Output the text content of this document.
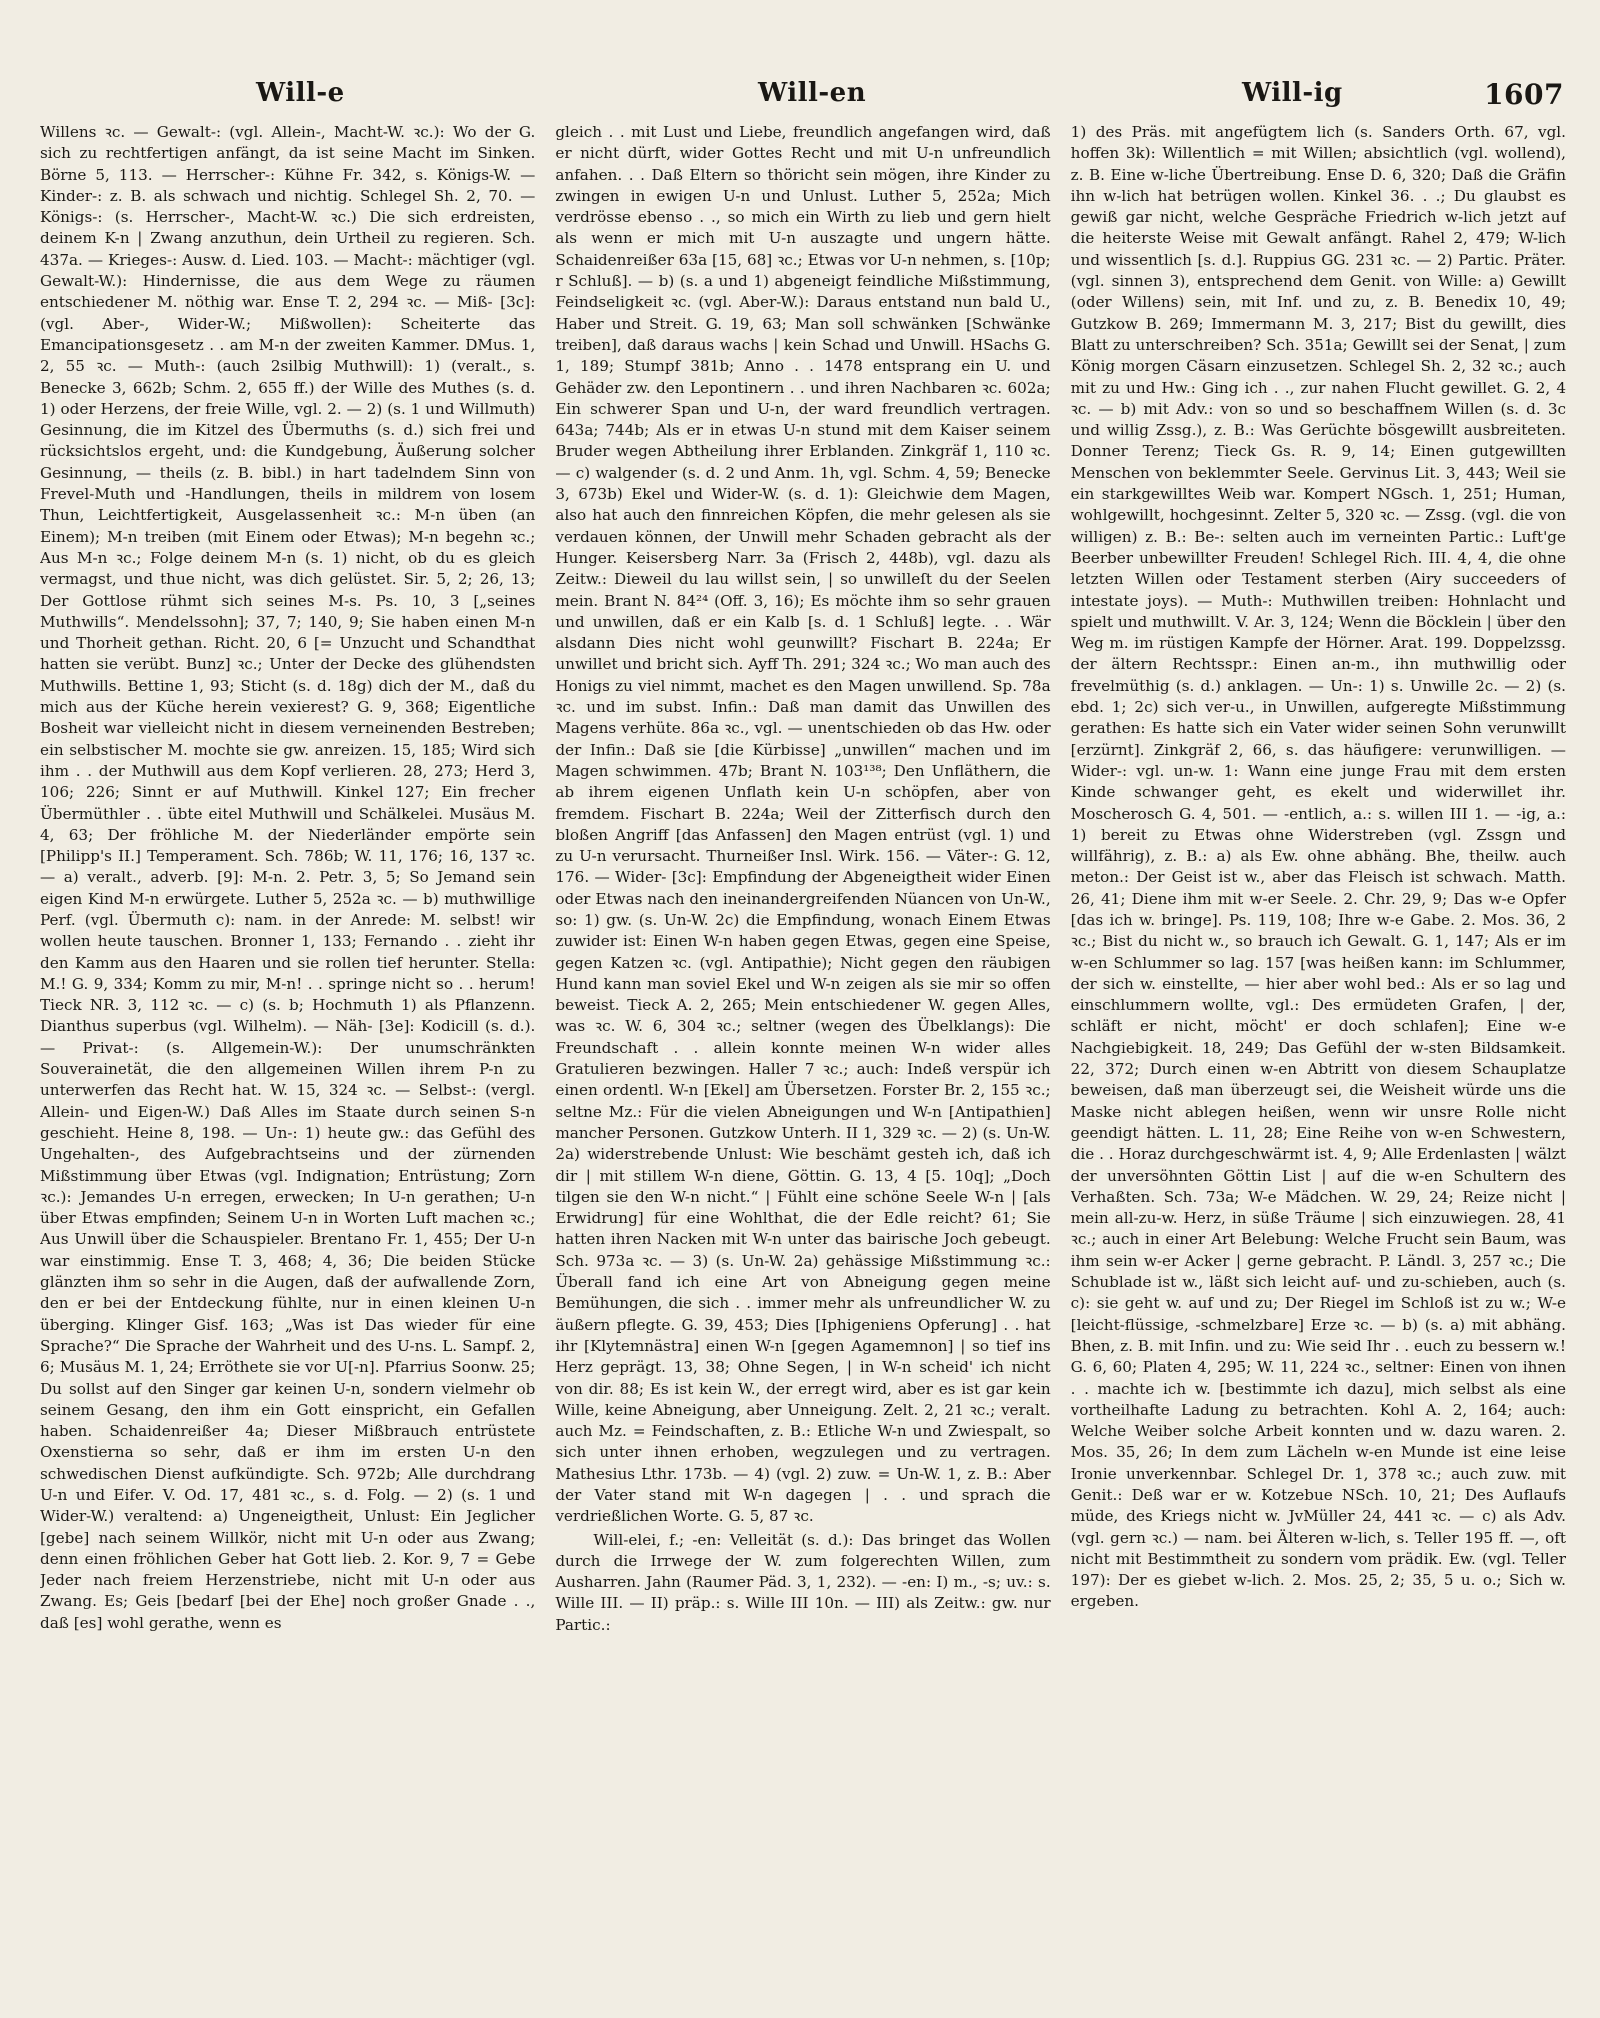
Will-e	Will-en	Will-ig	1607

Willens ꝛc. — Gewalt-: (vgl. Allein-, Macht-W. ꝛc.): Wo der G. sich zu rechtfertigen anfängt, da ist seine Macht im Sinken. Börne 5, 113. — Herrscher-: Kühne Fr. 342, s. Königs-W. — Kinder-: z. B. als schwach und nichtig. Schlegel Sh. 2, 70. — Königs-: (s. Herrscher-, Macht-W. ꝛc.) Die sich erdreisten, deinem K-n | Zwang anzuthun, dein Urtheil zu regieren. Sch. 437a. — Krieges-: Ausw. d. Lied. 103. — Macht-: mächtiger (vgl. Gewalt-W.): Hindernisse, die aus dem Wege zu räumen entschiedener M. nöthig war. Ense T. 2, 294 ꝛc. — Miß- [3c]: (vgl. Aber-, Wider-W.; Mißwollen): Scheiterte das Emancipationsgesetz . . am M-n der zweiten Kammer. DMus. 1, 2, 55 ꝛc. — Muth-: (auch 2silbig Muthwill): 1) (veralt., s. Benecke 3, 662b; Schm. 2, 655 ff.) der Wille des Muthes (s. d. 1) oder Herzens, der freie Wille, vgl. 2. — 2) (s. 1 und Willmuth) Gesinnung, die im Kitzel des Übermuths (s. d.) sich frei und rücksichtslos ergeht, und: die Kundgebung, Äußerung solcher Gesinnung, — theils (z. B. bibl.) in hart tadelndem Sinn von Frevel-Muth und -Handlungen, theils in mildrem von losem Thun, Leichtfertigkeit, Ausgelassenheit ꝛc.: M-n üben (an Einem); M-n treiben (mit Einem oder Etwas); M-n begehn ꝛc.; Aus M-n ꝛc.; Folge deinem M-n (s. 1) nicht, ob du es gleich vermagst, und thue nicht, was dich gelüstet. Sir. 5, 2; 26, 13; Der Gottlose rühmt sich seines M-s. Ps. 10, 3 [„seines Muthwills“. Mendelssohn]; 37, 7; 140, 9; Sie haben einen M-n und Thorheit gethan. Richt. 20, 6 [= Unzucht und Schandthat hatten sie verübt. Bunz] ꝛc.; Unter der Decke des glühendsten Muthwills. Bettine 1, 93; Sticht (s. d. 18g) dich der M., daß du mich aus der Küche herein vexierest? G. 9, 368; Eigentliche Bosheit war vielleicht nicht in diesem verneinenden Bestreben; ein selbstischer M. mochte sie gw. anreizen. 15, 185; Wird sich ihm . . der Muthwill aus dem Kopf verlieren. 28, 273; Herd 3, 106; 226; Sinnt er auf Muthwill. Kinkel 127; Ein frecher Übermüthler . . übte eitel Muthwill und Schälkelei. Musäus M. 4, 63; Der fröhliche M. der Niederländer empörte sein [Philipp's II.] Temperament. Sch. 786b; W. 11, 176; 16, 137 ꝛc. — a) veralt., adverb. [9]: M-n. 2. Petr. 3, 5; So Jemand sein eigen Kind M-n erwürgete. Luther 5, 252a ꝛc. — b) muthwillige Perf. (vgl. Übermuth c): nam. in der Anrede: M. selbst! wir wollen heute tauschen. Bronner 1, 133; Fernando . . zieht ihr den Kamm aus den Haaren und sie rollen tief herunter. Stella: M.! G. 9, 334; Komm zu mir, M-n! . . springe nicht so . . herum! Tieck NR. 3, 112 ꝛc. — c) (s. b; Hochmuth 1) als Pflanzenn. Dianthus superbus (vgl. Wilhelm). — Näh- [3e]: Kodicill (s. d.). — Privat-: (s. Allgemein-W.): Der unumschränkten Souverainetät, die den allgemeinen Willen ihrem P-n zu unterwerfen das Recht hat. W. 15, 324 ꝛc. — Selbst-: (vergl. Allein- und Eigen-W.) Daß Alles im Staate durch seinen S-n geschieht. Heine 8, 198. — Un-: 1) heute gw.: das Gefühl des Ungehalten-, des Aufgebrachtseins und der zürnenden Mißstimmung über Etwas (vgl. Indignation; Entrüstung; Zorn ꝛc.): Jemandes U-n erregen, erwecken; In U-n gerathen; U-n über Etwas empfinden; Seinem U-n in Worten Luft machen ꝛc.; Aus Unwill über die Schauspieler. Brentano Fr. 1, 455; Der U-n war einstimmig. Ense T. 3, 468; 4, 36; Die beiden Stücke glänzten ihm so sehr in die Augen, daß der aufwallende Zorn, den er bei der Entdeckung fühlte, nur in einen kleinen U-n überging. Klinger Gisf. 163; „Was ist Das wieder für eine Sprache?“ Die Sprache der Wahrheit und des U-ns. L. Sampf. 2, 6; Musäus M. 1, 24; Erröthete sie vor U[-n]. Pfarrius Soonw. 25; Du sollst auf den Singer gar keinen U-n, sondern vielmehr ob seinem Gesang, den ihm ein Gott einspricht, ein Gefallen haben. Schaidenreißer 4a; Dieser Mißbrauch entrüstete Oxenstierna so sehr, daß er ihm im ersten U-n den schwedischen Dienst aufkündigte. Sch. 972b; Alle durchdrang U-n und Eifer. V. Od. 17, 481 ꝛc., s. d. Folg. — 2) (s. 1 und Wider-W.) veraltend: a) Ungeneigtheit, Unlust: Ein Jeglicher [gebe] nach seinem Willkör, nicht mit U-n oder aus Zwang; denn einen fröhlichen Geber hat Gott lieb. 2. Kor. 9, 7 = Gebe Jeder nach freiem Herzenstriebe, nicht mit U-n oder aus Zwang. Es; Geis [bedarf [bei der Ehe] noch großer Gnade . ., daß [es] wohl gerathe, wenn es

gleich . . mit Lust und Liebe, freundlich angefangen wird, daß er nicht dürft, wider Gottes Recht und mit U-n unfreundlich anfahen. . . Daß Eltern so thöricht sein mögen, ihre Kinder zu zwingen in ewigen U-n und Unlust. Luther 5, 252a; Mich verdrösse ebenso . ., so mich ein Wirth zu lieb und gern hielt als wenn er mich mit U-n auszagte und ungern hätte. Schaidenreißer 63a [15, 68] ꝛc.; Etwas vor U-n nehmen, s. [10p; r Schluß]. — b) (s. a und 1) abgeneigt feindliche Mißstimmung, Feindseligkeit ꝛc. (vgl. Aber-W.): Daraus entstand nun bald U., Haber und Streit. G. 19, 63; Man soll schwänken [Schwänke treiben], daß daraus wachs | kein Schad und Unwill. HSachs G. 1, 189; Stumpf 381b; Anno . . 1478 entsprang ein U. und Gehäder zw. den Lepontinern . . und ihren Nachbaren ꝛc. 602a; Ein schwerer Span und U-n, der ward freundlich vertragen. 643a; 744b; Als er in etwas U-n stund mit dem Kaiser seinem Bruder wegen Abtheilung ihrer Erblanden. Zinkgräf 1, 110 ꝛc. — c) walgender (s. d. 2 und Anm. 1h, vgl. Schm. 4, 59; Benecke 3, 673b) Ekel und Wider-W. (s. d. 1): Gleichwie dem Magen, also hat auch den finnreichen Köpfen, die mehr gelesen als sie verdauen können, der Unwill mehr Schaden gebracht als der Hunger. Keisersberg Narr. 3a (Frisch 2, 448b), vgl. dazu als Zeitw.: Dieweil du lau willst sein, | so unwilleſt du der Seelen mein. Brant N. 84²⁴ (Off. 3, 16); Es möchte ihm so sehr grauen und unwillen, daß er ein Kalb [s. d. 1 Schluß] legte. . . Wär alsdann Dies nicht wohl geunwillt? Fischart B. 224a; Er unwillet und bricht sich. Ayff Th. 291; 324 ꝛc.; Wo man auch des Honigs zu viel nimmt, machet es den Magen unwillend. Sp. 78a ꝛc. und im subst. Infin.: Daß man damit das Unwillen des Magens verhüte. 86a ꝛc., vgl. — unentschieden ob das Hw. oder der Infin.: Daß sie [die Kürbisse] „unwillen“ machen und im Magen schwimmen. 47b; Brant N. 103¹³⁸; Den Unfläthern, die ab ihrem eigenen Unflath kein U-n schöpfen, aber von fremdem. Fischart B. 224a; Weil der Zitterfisch durch den bloßen Angriff [das Anfassen] den Magen entrüst (vgl. 1) und zu U-n verursacht. Thurneißer Insl. Wirk. 156. — Väter-: G. 12, 176. — Wider- [3c]: Empfindung der Abgeneigtheit wider Einen oder Etwas nach den ineinandergreifenden Nüancen von Un-W., so: 1) gw. (s. Un-W. 2c) die Empfindung, wonach Einem Etwas zuwider ist: Einen W-n haben gegen Etwas, gegen eine Speise, gegen Katzen ꝛc. (vgl. Antipathie); Nicht gegen den räubigen Hund kann man soviel Ekel und W-n zeigen als sie mir so offen beweist. Tieck A. 2, 265; Mein entschiedener W. gegen Alles, was ꝛc. W. 6, 304 ꝛc.; seltner (wegen des Übelklangs): Die Freundschaft . . allein konnte meinen W-n wider alles Gratulieren bezwingen. Haller 7 ꝛc.; auch: Indeß verspür ich einen ordentl. W-n [Ekel] am Übersetzen. Forster Br. 2, 155 ꝛc.; seltne Mz.: Für die vielen Abneigungen und W-n [Antipathien] mancher Personen. Gutzkow Unterh. II 1, 329 ꝛc. — 2) (s. Un-W. 2a) widerstrebende Unlust: Wie beschämt gesteh ich, daß ich dir | mit stillem W-n diene, Göttin. G. 13, 4 [5. 10q]; „Doch tilgen sie den W-n nicht.“ | Fühlt eine schöne Seele W-n | [als Erwidrung] für eine Wohlthat, die der Edle reicht? 61; Sie hatten ihren Nacken mit W-n unter das bairische Joch gebeugt. Sch. 973a ꝛc. — 3) (s. Un-W. 2a) gehässige Mißstimmung ꝛc.: Überall fand ich eine Art von Abneigung gegen meine Bemühungen, die sich . . immer mehr als unfreundlicher W. zu äußern pflegte. G. 39, 453; Dies [Iphigeniens Opferung] . . hat ihr [Klytemnästra] einen W-n [gegen Agamemnon] | so tief ins Herz geprägt. 13, 38; Ohne Segen, | in W-n scheid' ich nicht von dir. 88; Es ist kein W., der erregt wird, aber es ist gar kein Wille, keine Abneigung, aber Unneigung. Zelt. 2, 21 ꝛc.; veralt. auch Mz. = Feindschaften, z. B.: Etliche W-n und Zwiespalt, so sich unter ihnen erhoben, wegzulegen und zu vertragen. Mathesius Lthr. 173b. — 4) (vgl. 2) zuw. = Un-W. 1, z. B.: Aber der Vater stand mit W-n dagegen | . . und sprach die verdrießlichen Worte. G. 5, 87 ꝛc.

Will-elei, f.; -en: Velleität (s. d.): Das bringet das Wollen durch die Irrwege der W. zum folgerechten Willen, zum Ausharren. Jahn (Raumer Päd. 3, 1, 232). — -en: I) m., -s; uv.: s. Wille III. — II) präp.: s. Wille III 10n. — III) als Zeitw.: gw. nur Partic.:

1) des Präs. mit angefügtem lich (s. Sanders Orth. 67, vgl. hoffen 3k): Willentlich = mit Willen; absichtlich (vgl. wollend), z. B. Eine w-liche Übertreibung. Ense D. 6, 320; Daß die Gräfin ihn w-lich hat betrügen wollen. Kinkel 36. . .; Du glaubst es gewiß gar nicht, welche Gespräche Friedrich w-lich jetzt auf die heiterste Weise mit Gewalt anfängt. Rahel 2, 479; W-lich und wissentlich [s. d.]. Ruppius GG. 231 ꝛc. — 2) Partic. Präter. (vgl. sinnen 3), entsprechend dem Genit. von Wille: a) Gewillt (oder Willens) sein, mit Inf. und zu, z. B. Benedix 10, 49; Gutzkow B. 269; Immermann M. 3, 217; Bist du gewillt, dies Blatt zu unterschreiben? Sch. 351a; Gewillt sei der Senat, | zum König morgen Cäsarn einzusetzen. Schlegel Sh. 2, 32 ꝛc.; auch mit zu und Hw.: Ging ich . ., zur nahen Flucht gewillet. G. 2, 4 ꝛc. — b) mit Adv.: von so und so beschaffnem Willen (s. d. 3c und willig Zssg.), z. B.: Was Gerüchte bösgewillt ausbreiteten. Donner Terenz; Tieck Gs. R. 9, 14; Einen gutgewillten Menschen von beklemmter Seele. Gervinus Lit. 3, 443; Weil sie ein starkgewilltes Weib war. Kompert NGsch. 1, 251; Human, wohlgewillt, hochgesinnt. Zelter 5, 320 ꝛc. — Zssg. (vgl. die von willigen) z. B.: Be-: selten auch im verneinten Partic.: Luft'ge Beerber unbewillter Freuden! Schlegel Rich. III. 4, 4, die ohne letzten Willen oder Testament sterben (Airy succeeders of intestate joys). — Muth-: Muthwillen treiben: Hohnlacht und spielt und muthwillt. V. Ar. 3, 124; Wenn die Böcklein | über den Weg m. im rüstigen Kampfe der Hörner. Arat. 199. Doppelzssg. der ältern Rechtsspr.: Einen an-m., ihn muthwillig oder frevelmüthig (s. d.) anklagen. — Un-: 1) s. Unwille 2c. — 2) (s. ebd. 1; 2c) sich ver-u., in Unwillen, aufgeregte Mißstimmung gerathen: Es hatte sich ein Vater wider seinen Sohn verunwillt [erzürnt]. Zinkgräf 2, 66, s. das häufigere: verunwilligen. — Wider-: vgl. un-w. 1: Wann eine junge Frau mit dem ersten Kinde schwanger geht, es ekelt und widerwillet ihr. Moscherosch G. 4, 501. — -entlich, a.: s. willen III 1. — -ig, a.: 1) bereit zu Etwas ohne Widerstreben (vgl. Zssgn und willfährig), z. B.: a) als Ew. ohne abhäng. Bhe, theilw. auch meton.: Der Geist ist w., aber das Fleisch ist schwach. Matth. 26, 41; Diene ihm mit w-er Seele. 2. Chr. 29, 9; Das w-e Opfer [das ich w. bringe]. Ps. 119, 108; Ihre w-e Gabe. 2. Mos. 36, 2 ꝛc.; Bist du nicht w., so brauch ich Gewalt. G. 1, 147; Als er im w-en Schlummer so lag. 157 [was heißen kann: im Schlummer, der sich w. einstellte, — hier aber wohl bed.: Als er so lag und einschlummern wollte, vgl.: Des ermüdeten Grafen, | der, schläft er nicht, möcht' er doch schlafen]; Eine w-e Nachgiebigkeit. 18, 249; Das Gefühl der w-sten Bildsamkeit. 22, 372; Durch einen w-en Abtritt von diesem Schauplatze beweisen, daß man überzeugt sei, die Weisheit würde uns die Maske nicht ablegen heißen, wenn wir unsre Rolle nicht geendigt hätten. L. 11, 28; Eine Reihe von w-en Schwestern, die . . Horaz durchgeschwärmt ist. 4, 9; Alle Erdenlasten | wälzt der unversöhnten Göttin List | auf die w-en Schultern des Verhaßten. Sch. 73a; W-e Mädchen. W. 29, 24; Reize nicht | mein all-zu-w. Herz, in süße Träume | sich einzuwiegen. 28, 41 ꝛc.; auch in einer Art Belebung: Welche Frucht sein Baum, was ihm sein w-er Acker | gerne gebracht. P. Ländl. 3, 257 ꝛc.; Die Schublade ist w., läßt sich leicht auf- und zu-schieben, auch (s. c): sie geht w. auf und zu; Der Riegel im Schloß ist zu w.; W-e [leicht-flüssige, -schmelzbare] Erze ꝛc. — b) (s. a) mit abhäng. Bhen, z. B. mit Infin. und zu: Wie seid Ihr . . euch zu bessern w.! G. 6, 60; Platen 4, 295; W. 11, 224 ꝛc., seltner: Einen von ihnen . . machte ich w. [bestimmte ich dazu], mich selbst als eine vortheilhafte Ladung zu betrachten. Kohl A. 2, 164; auch: Welche Weiber solche Arbeit konnten und w. dazu waren. 2. Mos. 35, 26; In dem zum Lächeln w-en Munde ist eine leise Ironie unverkennbar. Schlegel Dr. 1, 378 ꝛc.; auch zuw. mit Genit.: Deß war er w. Kotzebue NSch. 10, 21; Des Auflaufs müde, des Kriegs nicht w. JvMüller 24, 441 ꝛc. — c) als Adv. (vgl. gern ꝛc.) — nam. bei Älteren w-lich, s. Teller 195 ff. —, oft nicht mit Bestimmtheit zu sondern vom prädik. Ew. (vgl. Teller 197): Der es giebet w-lich. 2. Mos. 25, 2; 35, 5 u. o.; Sich w. ergeben.
